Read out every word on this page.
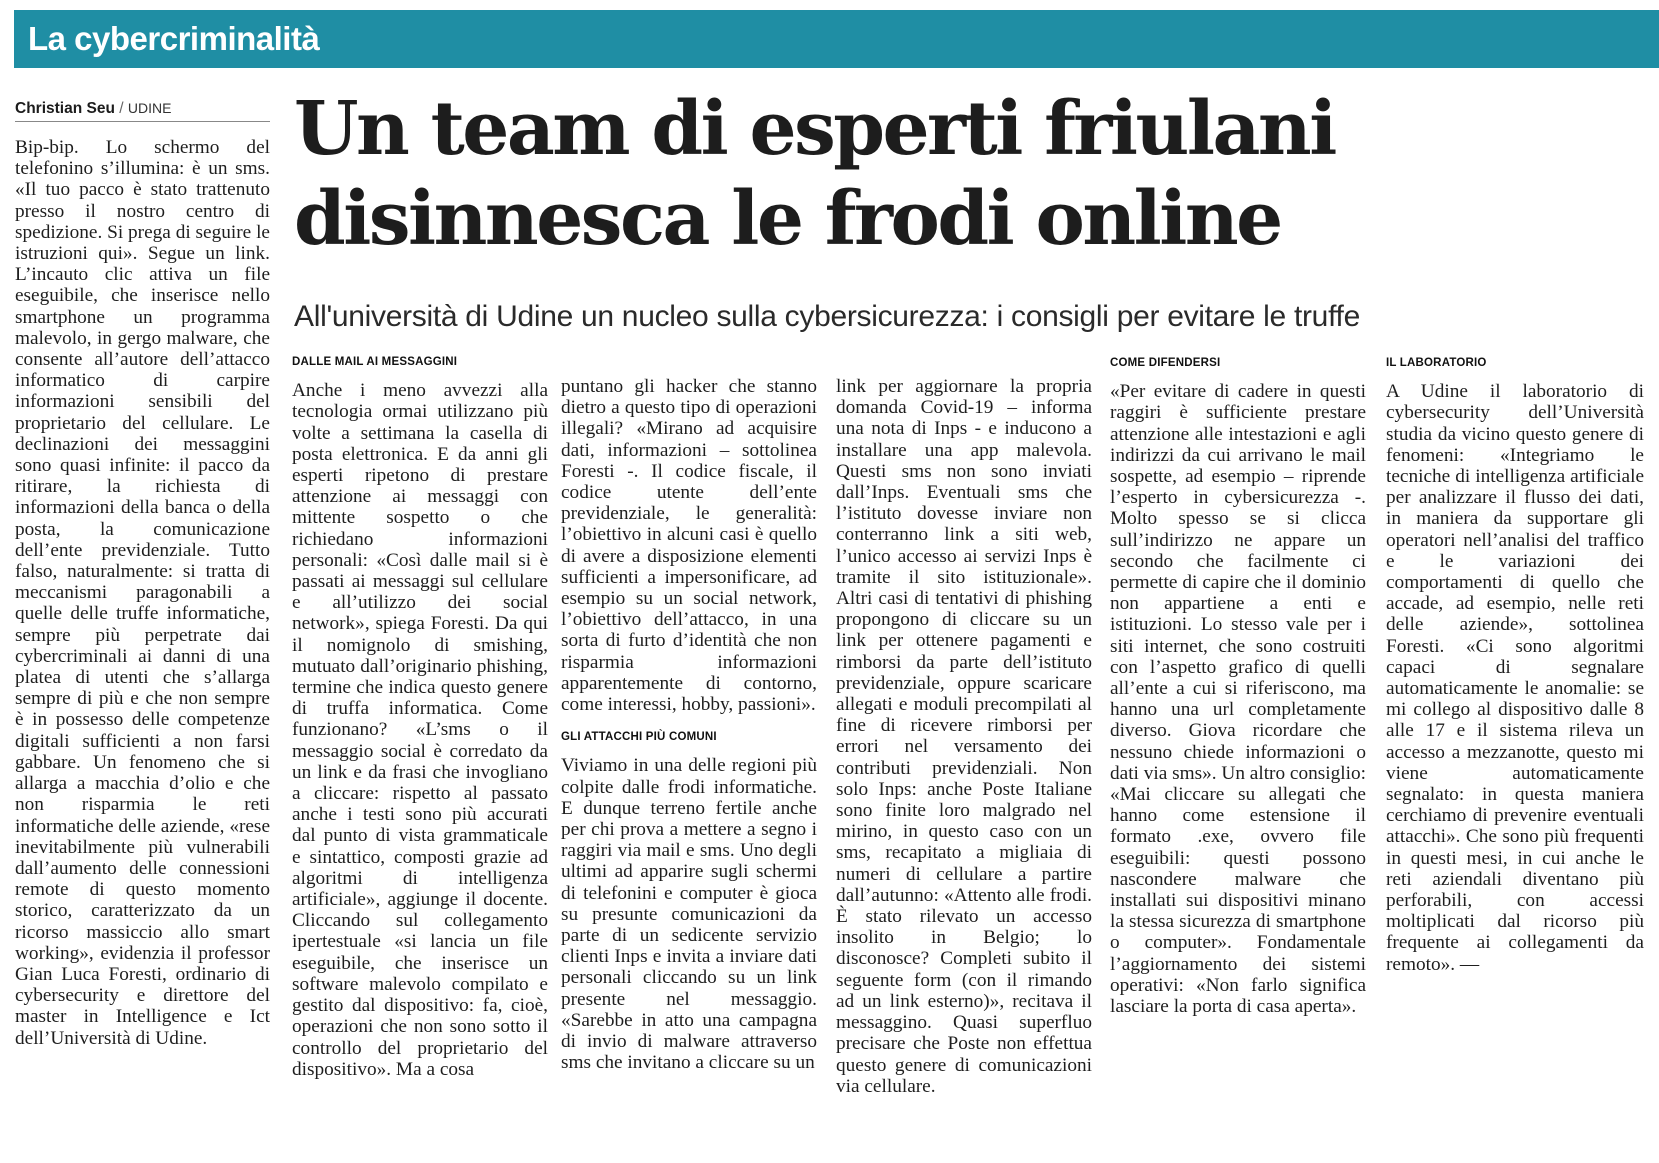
La cybercriminalità
Christian Seu / UDINE	Un team di esperti friulani
disinnesca le frodi online
All'università di Udine un nucleo sulla cybersicurezza: i consigli per evitare le truffe

Bip-bip. Lo schermo del telefonino s’illumina: è un sms. «Il tuo pacco è stato trattenuto presso il nostro centro di spedizione. Si prega di seguire le istruzioni qui». Segue un link. L’incauto clic attiva un file eseguibile, che inserisce nello smartphone un programma malevolo, in gergo malware, che consente all’autore dell’attacco informatico di carpire informazioni sensibili del proprietario del cellulare. Le declinazioni dei messaggini sono quasi infinite: il pacco da ritirare, la richiesta di informazioni della banca o della posta, la comunicazione dell’ente previdenziale. Tutto falso, naturalmente: si tratta di meccanismi paragonabili a quelle delle truffe informatiche, sempre più perpetrate dai cybercriminali ai danni di una platea di utenti che s’allarga sempre di più e che non sempre è in possesso delle competenze digitali sufficienti a non farsi gabbare. Un fenomeno che si allarga a macchia d’olio e che non risparmia le reti informatiche delle aziende, «rese inevitabilmente più vulnerabili dall’aumento delle connessioni remote di questo momento storico, caratterizzato da un ricorso massiccio allo smart working», evidenzia il professor Gian Luca Foresti, ordinario di cybersecurity e direttore del master in Intelligence e Ict dell’Università di Udine.

DALLE MAIL AI MESSAGGINI

Anche i meno avvezzi alla tecnologia ormai utilizzano più volte a settimana la casella di posta elettronica. E da anni gli esperti ripetono di prestare attenzione ai messaggi con mittente sospetto o che richiedano informazioni personali: «Così dalle mail si è passati ai messaggi sul cellulare e all’utilizzo dei social network», spiega Foresti. Da qui il nomignolo di smishing, mutuato dall’originario phishing, termine che indica questo genere di truffa informatica. Come funzionano? «L’sms o il messaggio social è corredato da un link e da frasi che invogliano a cliccare: rispetto al passato anche i testi sono più accurati dal punto di vista grammaticale e sintattico, composti grazie ad algoritmi di intelligenza artificiale», aggiunge il docente. Cliccando sul collegamento ipertestuale «si lancia un file eseguibile, che inserisce un software malevolo compilato e gestito dal dispositivo: fa, cioè, operazioni che non sono sotto il controllo del proprietario del dispositivo». Ma a cosa

puntano gli hacker che stanno dietro a questo tipo di operazioni illegali? «Mirano ad acquisire dati, informazioni – sottolinea Foresti -. Il codice fiscale, il codice utente dell’ente previdenziale, le generalità: l’obiettivo in alcuni casi è quello di avere a disposizione elementi sufficienti a impersonificare, ad esempio su un social network, l’obiettivo dell’attacco, in una sorta di furto d’identità che non risparmia informazioni apparentemente di contorno, come interessi, hobby, passioni».

GLI ATTACCHI PIÙ COMUNI

Viviamo in una delle regioni più colpite dalle frodi informatiche. E dunque terreno fertile anche per chi prova a mettere a segno i raggiri via mail e sms. Uno degli ultimi ad apparire sugli schermi di telefonini e computer è gioca su presunte comunicazioni da parte di un sedicente servizio clienti Inps e invita a inviare dati personali cliccando su un link presente nel messaggio. «Sarebbe in atto una campagna di invio di malware attraverso sms che invitano a cliccare su un

link per aggiornare la propria domanda Covid-19 – informa una nota di Inps - e inducono a installare una app malevola. Questi sms non sono inviati dall’Inps. Eventuali sms che l’istituto dovesse inviare non conterranno link a siti web, l’unico accesso ai servizi Inps è tramite il sito istituzionale». Altri casi di tentativi di phishing propongono di cliccare su un link per ottenere pagamenti e rimborsi da parte dell’istituto previdenziale, oppure scaricare allegati e moduli precompilati al fine di ricevere rimborsi per errori nel versamento dei contributi previdenziali. Non solo Inps: anche Poste Italiane sono finite loro malgrado nel mirino, in questo caso con un sms, recapitato a migliaia di numeri di cellulare a partire dall’autunno: «Attento alle frodi. È stato rilevato un accesso insolito in Belgio; lo disconosce? Completi subito il seguente form (con il rimando ad un link esterno)», recitava il messaggino. Quasi superfluo precisare che Poste non effettua questo genere di comunicazioni via cellulare.

COME DIFENDERSI

«Per evitare di cadere in questi raggiri è sufficiente prestare attenzione alle intestazioni e agli indirizzi da cui arrivano le mail sospette, ad esempio – riprende l’esperto in cybersicurezza -. Molto spesso se si clicca sull’indirizzo ne appare un secondo che facilmente ci permette di capire che il dominio non appartiene a enti e istituzioni. Lo stesso vale per i siti internet, che sono costruiti con l’aspetto grafico di quelli all’ente a cui si riferiscono, ma hanno una url completamente diverso. Giova ricordare che nessuno chiede informazioni o dati via sms». Un altro consiglio: «Mai cliccare su allegati che hanno come estensione il formato .exe, ovvero file eseguibili: questi possono nascondere malware che installati sui dispositivi minano la stessa sicurezza di smartphone o computer». Fondamentale l’aggiornamento dei sistemi operativi: «Non farlo significa lasciare la porta di casa aperta».

IL LABORATORIO

A Udine il laboratorio di cybersecurity dell’Università studia da vicino questo genere di fenomeni: «Integriamo le tecniche di intelligenza artificiale per analizzare il flusso dei dati, in maniera da supportare gli operatori nell’analisi del traffico e le variazioni dei comportamenti di quello che accade, ad esempio, nelle reti delle aziende», sottolinea Foresti. «Ci sono algoritmi capaci di segnalare automaticamente le anomalie: se mi collego al dispositivo dalle 8 alle 17 e il sistema rileva un accesso a mezzanotte, questo mi viene automaticamente segnalato: in questa maniera cerchiamo di prevenire eventuali attacchi». Che sono più frequenti in questi mesi, in cui anche le reti aziendali diventano più perforabili, con accessi moltiplicati dal ricorso più frequente ai collegamenti da remoto». —
